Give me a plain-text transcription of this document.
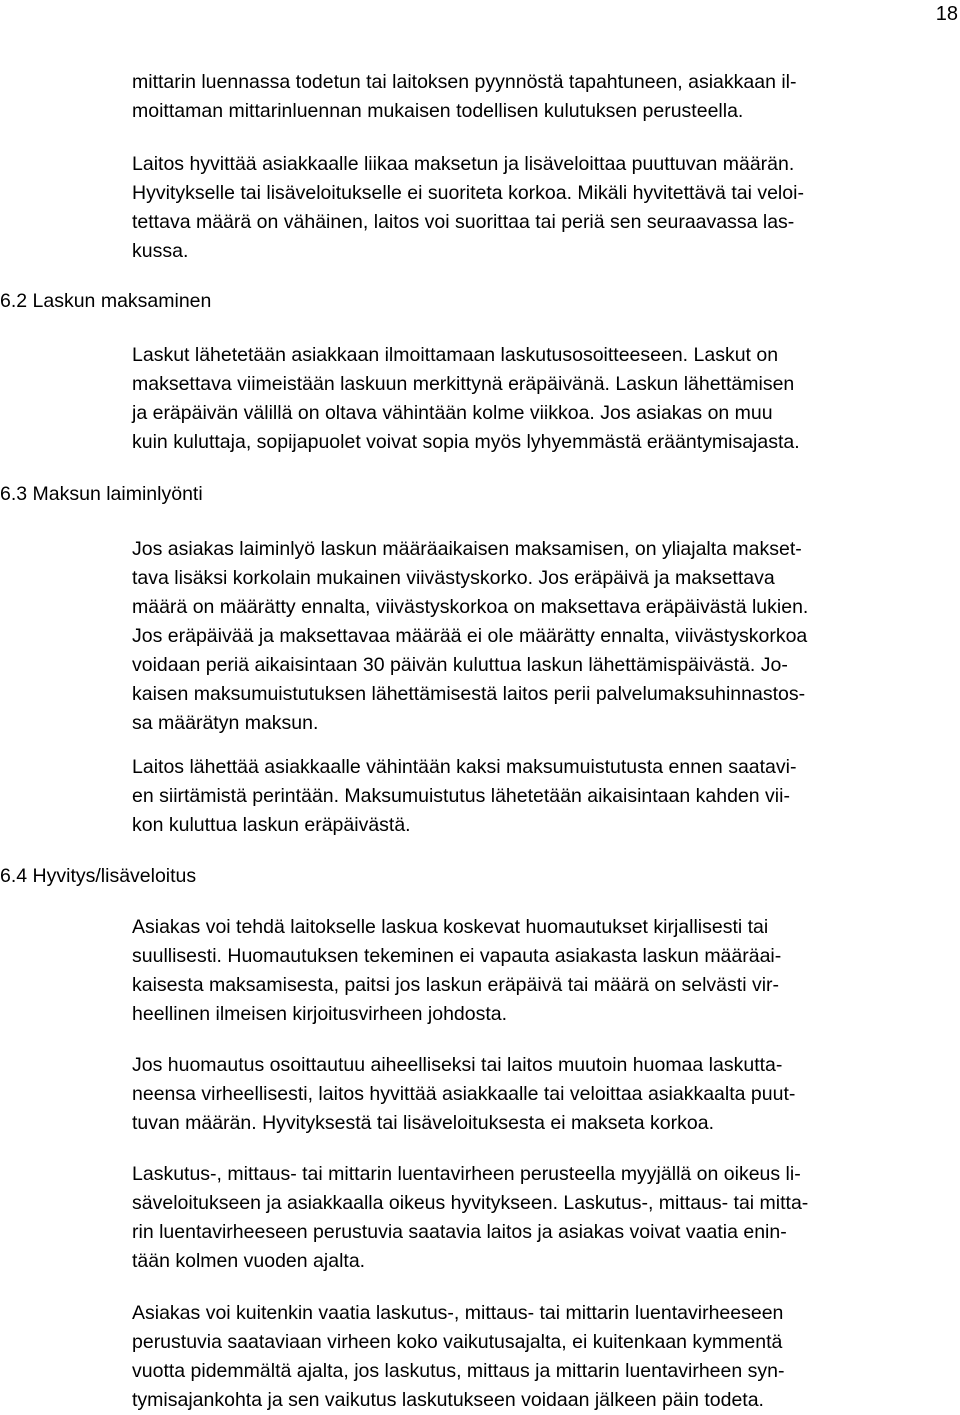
18
mittarin luennassa todetun tai laitoksen pyynnöstä tapahtuneen, asiakkaan il-
moittaman mittarinluennan mukaisen todellisen kulutuksen perusteella.
Laitos hyvittää asiakkaalle liikaa maksetun ja lisäveloittaa puuttuvan määrän.
Hyvitykselle tai lisäveloitukselle ei suoriteta korkoa. Mikäli hyvitettävä tai veloi-
tettava määrä on vähäinen, laitos voi suorittaa tai periä sen seuraavassa las-
kussa.
6.2 Laskun maksaminen
Laskut lähetetään asiakkaan ilmoittamaan laskutusosoitteeseen. Laskut on
maksettava viimeistään laskuun merkittynä eräpäivänä. Laskun lähettämisen
ja eräpäivän välillä on oltava vähintään kolme viikkoa. Jos asiakas on muu
kuin kuluttaja, sopijapuolet voivat sopia myös lyhyemmästä erääntymisajasta.
6.3 Maksun laiminlyönti
Jos asiakas laiminlyö laskun määräaikaisen maksamisen, on yliajalta makset-
tava lisäksi korkolain mukainen viivästyskorko. Jos eräpäivä ja maksettava
määrä on määrätty ennalta, viivästyskorkoa on maksettava eräpäivästä lukien.
Jos eräpäivää ja maksettavaa määrää ei ole määrätty ennalta, viivästyskorkoa
voidaan periä aikaisintaan 30 päivän kuluttua laskun lähettämispäivästä. Jo-
kaisen maksumuistutuksen lähettämisestä laitos perii palvelumaksuhinnastos-
sa määrätyn maksun.
Laitos lähettää asiakkaalle vähintään kaksi maksumuistutusta ennen saatavi-
en siirtämistä perintään. Maksumuistutus lähetetään aikaisintaan kahden vii-
kon kuluttua laskun eräpäivästä.
6.4 Hyvitys/lisäveloitus
Asiakas voi tehdä laitokselle laskua koskevat huomautukset kirjallisesti tai
suullisesti. Huomautuksen tekeminen ei vapauta asiakasta laskun määräai-
kaisesta maksamisesta, paitsi jos laskun eräpäivä tai määrä on selvästi vir-
heellinen ilmeisen kirjoitusvirheen johdosta.
Jos huomautus osoittautuu aiheelliseksi tai laitos muutoin huomaa laskutta-
neensa virheellisesti, laitos hyvittää asiakkaalle tai veloittaa asiakkaalta puut-
tuvan määrän. Hyvityksestä tai lisäveloituksesta ei makseta korkoa.
Laskutus-, mittaus- tai mittarin luentavirheen perusteella myyjällä on oikeus li-
säveloitukseen ja asiakkaalla oikeus hyvitykseen. Laskutus-, mittaus- tai mitta-
rin luentavirheeseen perustuvia saatavia laitos ja asiakas voivat vaatia enin-
tään kolmen vuoden ajalta.
Asiakas voi kuitenkin vaatia laskutus-, mittaus- tai mittarin luentavirheeseen
perustuvia saataviaan virheen koko vaikutusajalta, ei kuitenkaan kymmentä
vuotta pidemmältä ajalta, jos laskutus, mittaus ja mittarin luentavirheen syn-
tymisajankohta ja sen vaikutus laskutukseen voidaan jälkeen päin todeta.
